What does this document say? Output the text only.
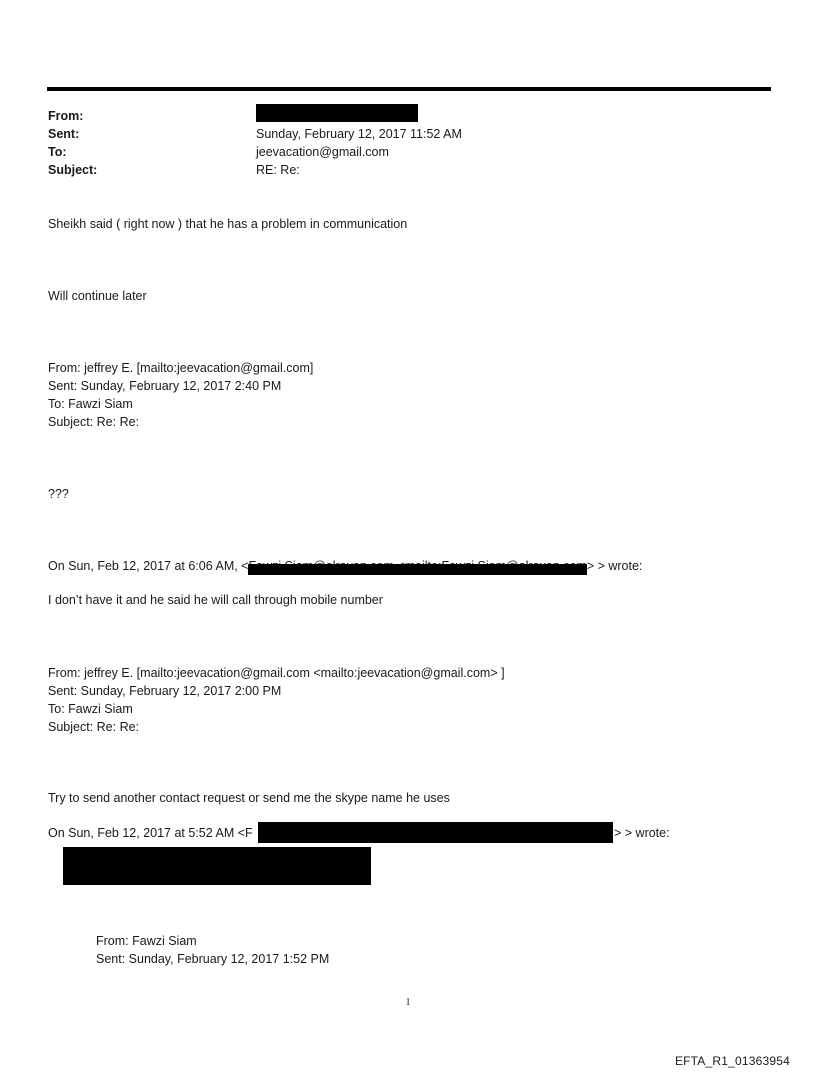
From:
Sent:	Sunday, February 12, 2017 11:52 AM
To:	jeevacation@gmail.com
Subject:	RE: Re:
Sheikh said ( right now ) that he has a problem in communication
Will continue later
From: jeffrey E. [mailto:jeevacation@gmail.com]
Sent: Sunday, February 12, 2017 2:40 PM
To: Fawzi Siam
Subject: Re: Re:
???
On Sun, Feb 12, 2017 at 6:06 AM, <	> > wrote:
I don’t have it and he said he will call through mobile number
From: jeffrey E. [mailto:jeevacation@gmail.com <mailto:jeevacation@gmail.com> ]
Sent: Sunday, February 12, 2017 2:00 PM
To: Fawzi Siam
Subject: Re: Re:
Try to send another contact request or send me the skype name he uses
On Sun, Feb 12, 2017 at 5:52 AM <F	> > wrote:
From: Fawzi Siam
Sent: Sunday, February 12, 2017 1:52 PM
1
EFTA_R1_01363954
